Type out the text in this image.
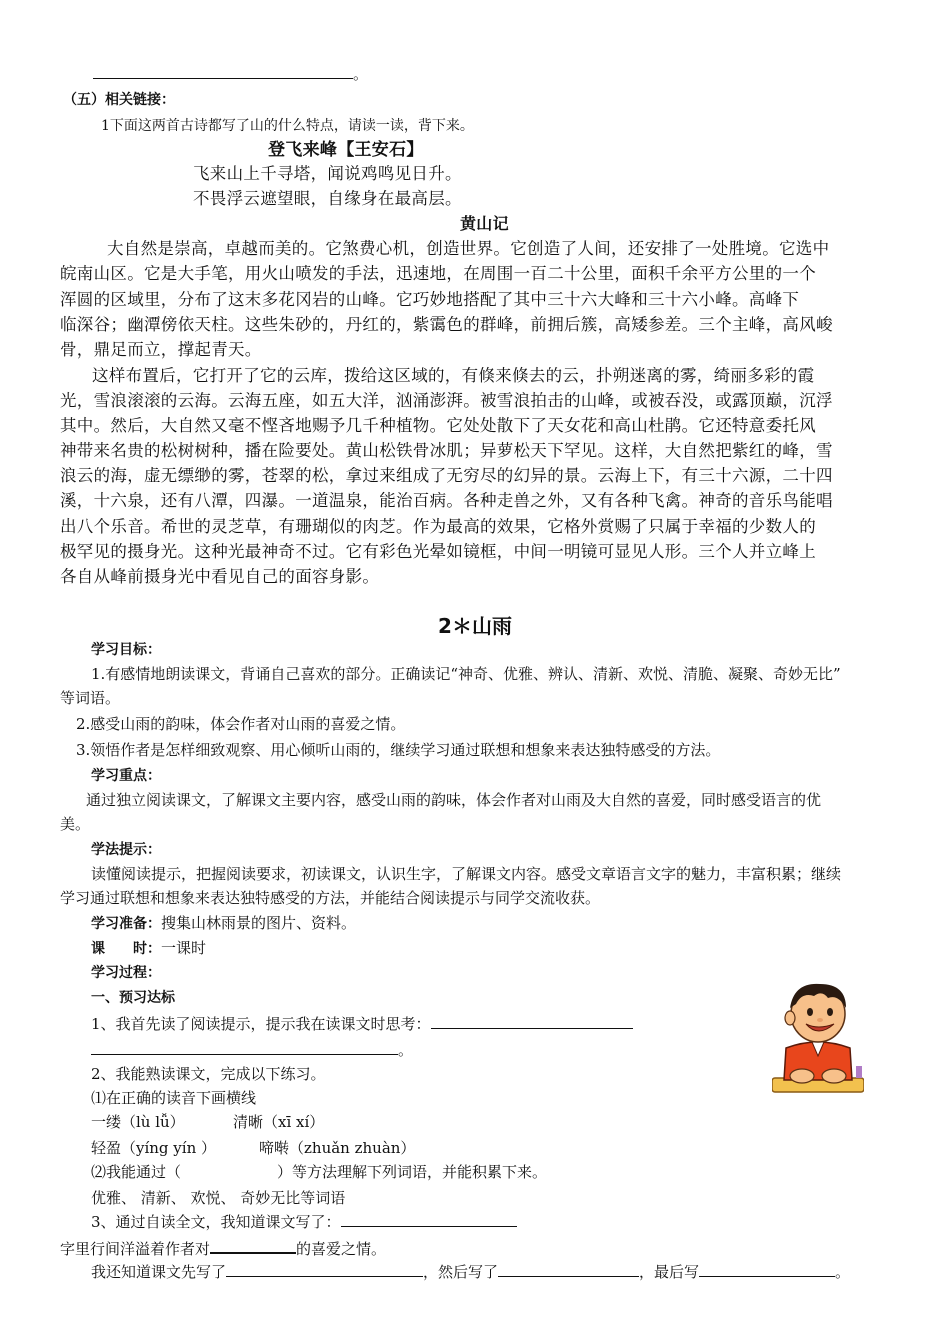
。
（五）相关链接：
1下面这两首古诗都写了山的什么特点，请读一读，背下来。
登飞来峰【王安石】
飞来山上千寻塔，闻说鸡鸣见日升。
不畏浮云遮望眼，自缘身在最高层。
黄山记
大自然是崇高，卓越而美的。它煞费心机，创造世界。它创造了人间，还安排了一处胜境。它选中
皖南山区。它是大手笔，用火山喷发的手法，迅速地，在周围一百二十公里，面积千余平方公里的一个
浑圆的区域里，分布了这末多花冈岩的山峰。它巧妙地搭配了其中三十六大峰和三十六小峰。高峰下
临深谷；幽潭傍依天柱。这些朱砂的，丹红的，紫霭色的群峰，前拥后簇，高矮参差。三个主峰，高风峻
骨，鼎足而立，撑起青天。
这样布置后，它打开了它的云库，拨给这区域的，有倏来倏去的云，扑朔迷离的雾，绮丽多彩的霞
光，雪浪滚滚的云海。云海五座，如五大洋，汹涌澎湃。被雪浪拍击的山峰，或被吞没，或露顶巅，沉浮
其中。然后，大自然又毫不悭吝地赐予几千种植物。它处处散下了天女花和高山杜鹃。它还特意委托风
神带来名贵的松树树种，播在险要处。黄山松铁骨冰肌；异萝松天下罕见。这样，大自然把紫红的峰，雪
浪云的海，虚无缥缈的雾，苍翠的松，拿过来组成了无穷尽的幻异的景。云海上下，有三十六源，二十四
溪，十六泉，还有八潭，四瀑。一道温泉，能治百病。各种走兽之外，又有各种飞禽。神奇的音乐鸟能唱
出八个乐音。希世的灵芝草，有珊瑚似的肉芝。作为最高的效果，它格外赏赐了只属于幸福的少数人的
极罕见的摄身光。这种光最神奇不过。它有彩色光晕如镜框，中间一明镜可显见人形。三个人并立峰上
各自从峰前摄身光中看见自己的面容身影。
2＊山雨
学习目标：
1.有感情地朗读课文，背诵自己喜欢的部分。正确读记“神奇、优雅、辨认、清新、欢悦、清脆、凝聚、奇妙无比”
等词语。
2.感受山雨的韵味，体会作者对山雨的喜爱之情。
3.领悟作者是怎样细致观察、用心倾听山雨的，继续学习通过联想和想象来表达独特感受的方法。
学习重点：
通过独立阅读课文，了解课文主要内容，感受山雨的韵味，体会作者对山雨及大自然的喜爱，同时感受语言的优
美。
学法提示：
读懂阅读提示，把握阅读要求，初读课文，认识生字，了解课文内容。感受文章语言文字的魅力，丰富积累；继续
学习通过联想和想象来表达独特感受的方法，并能结合阅读提示与同学交流收获。
学习准备：搜集山林雨景的图片、资料。
课　　时：一课时
学习过程：
一、预习达标
1、我首先读了阅读提示，提示我在读课文时思考：
。
2、我能熟读课文，完成以下练习。
⑴在正确的读音下画横线
一缕（lù lǚ）	清晰（xī xí）
轻盈（yíng yín ）	啼啭（zhuǎn zhuàn）
⑵我能通过（	）等方法理解下列词语，并能积累下来。
优雅、 清新、 欢悦、 奇妙无比等词语
3、通过自读全文，我知道课文写了：
字里行间洋溢着作者对	的喜爱之情。
我还知道课文先写了	，然后写了	，最后写	。
